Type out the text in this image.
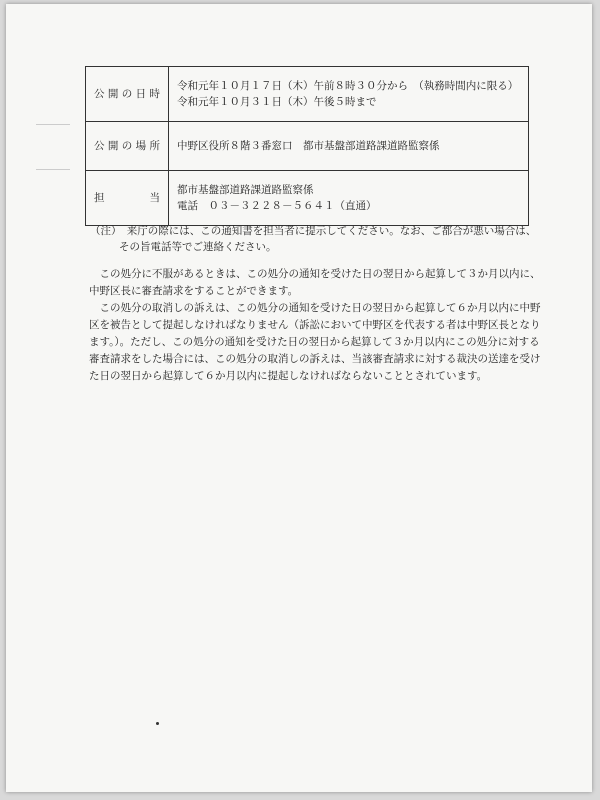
公 開 の 日 時	令和元年１０月１７日（木）午前８時３０分から　（執務時間内に限る）
令和元年１０月３１日（木）午後５時まで

公 開 の 場 所	中野区役所８階３番窓口　都市基盤部道路課道路監察係
担　　　　当	都市基盤部道路課道路監察係
電話　０３－３２２８－５６４１（直通）
（注）　来庁の際には、この通知書を担当者に提示してください。なお、ご都合が悪い場合は、
その旨電話等でご連絡ください。

この処分に不服があるときは、この処分の通知を受けた日の翌日から起算して３か月以内に、中野区長に審査請求をすることができます。

この処分の取消しの訴えは、この処分の通知を受けた日の翌日から起算して６か月以内に中野区を被告として提起しなければなりません（訴訟において中野区を代表する者は中野区長となります。）。ただし、この処分の通知を受けた日の翌日から起算して３か月以内にこの処分に対する審査請求をした場合には、この処分の取消しの訴えは、当該審査請求に対する裁決の送達を受けた日の翌日から起算して６か月以内に提起しなければならないこととされています。
